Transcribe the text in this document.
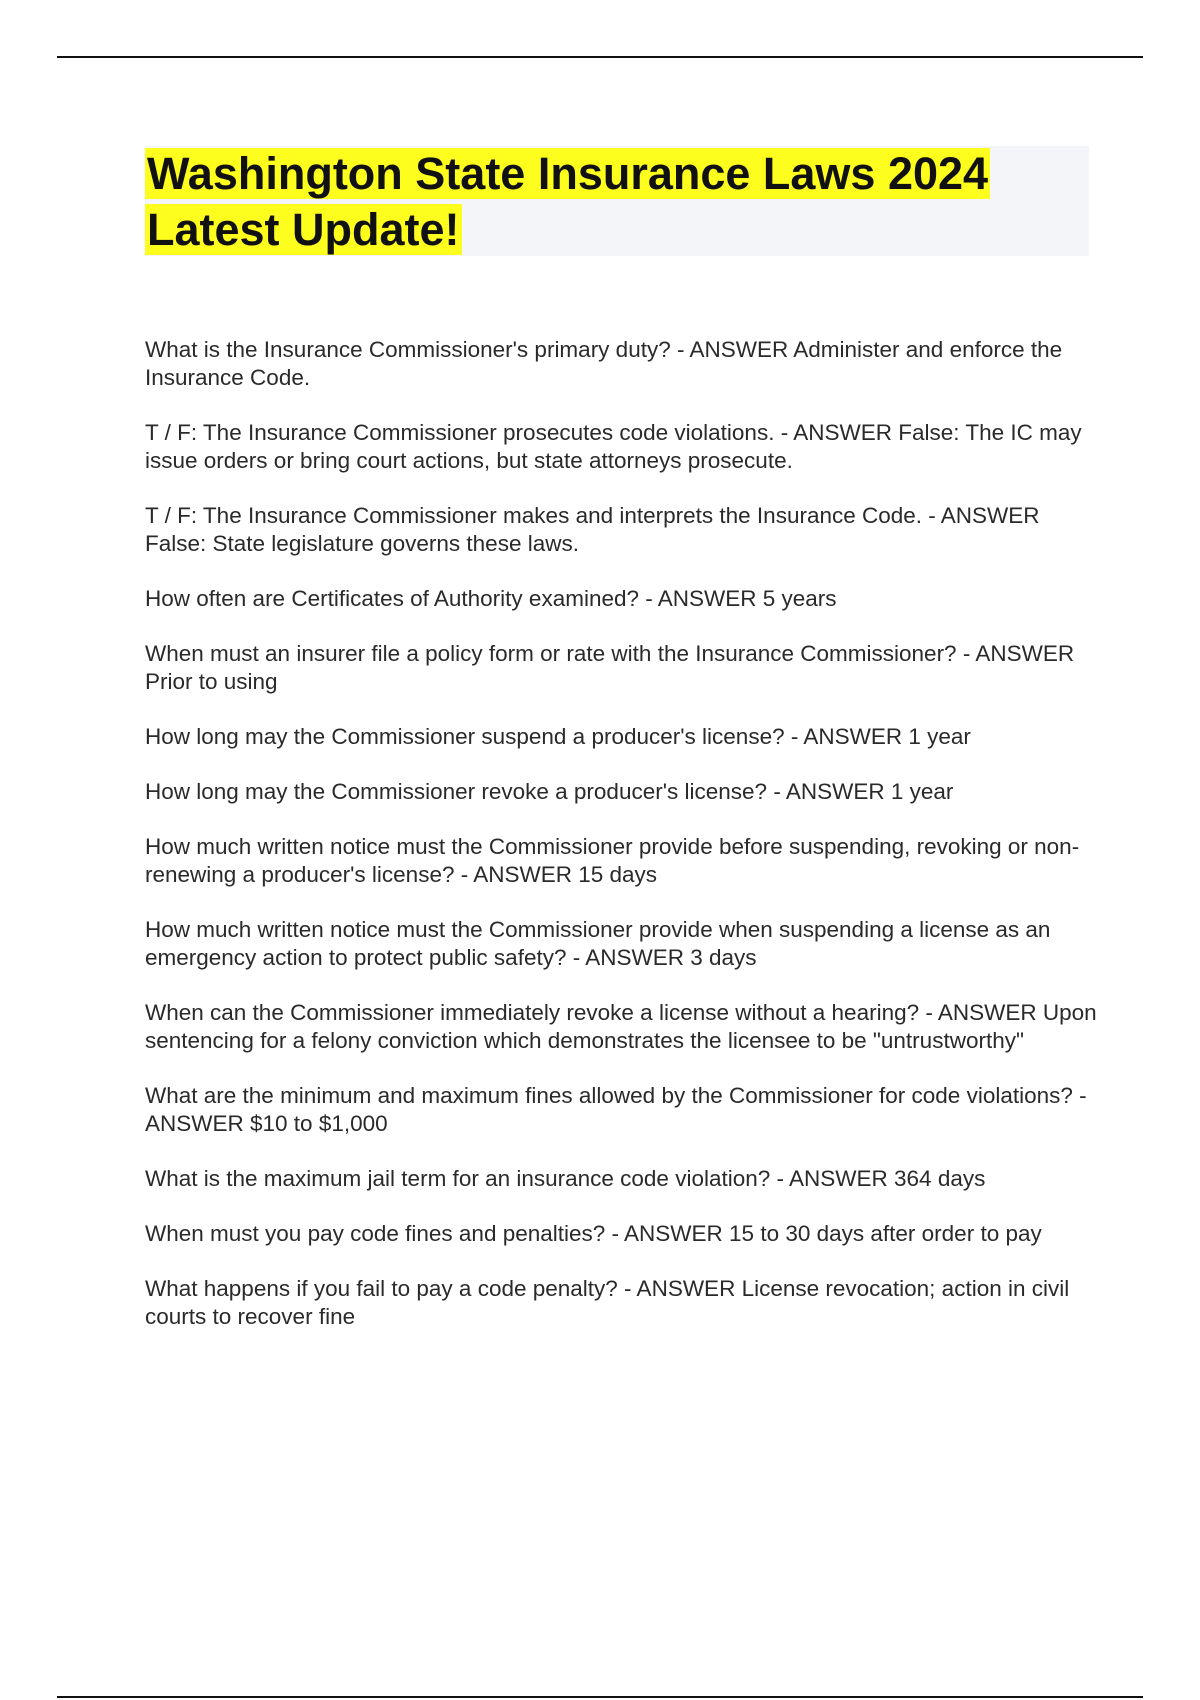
Washington State Insurance Laws 2024 Latest Update!
What is the Insurance Commissioner's primary duty? - ANSWER Administer and enforce the Insurance Code.
T / F: The Insurance Commissioner prosecutes code violations. - ANSWER False: The IC may issue orders or bring court actions, but state attorneys prosecute.
T / F: The Insurance Commissioner makes and interprets the Insurance Code. - ANSWER False: State legislature governs these laws.
How often are Certificates of Authority examined? - ANSWER 5 years
When must an insurer file a policy form or rate with the Insurance Commissioner? - ANSWER Prior to using
How long may the Commissioner suspend a producer's license? - ANSWER 1 year
How long may the Commissioner revoke a producer's license? - ANSWER 1 year
How much written notice must the Commissioner provide before suspending, revoking or non-renewing a producer's license? - ANSWER 15 days
How much written notice must the Commissioner provide when suspending a license as an emergency action to protect public safety? - ANSWER 3 days
When can the Commissioner immediately revoke a license without a hearing? - ANSWER Upon sentencing for a felony conviction which demonstrates the licensee to be "untrustworthy"
What are the minimum and maximum fines allowed by the Commissioner for code violations? - ANSWER $10 to $1,000
What is the maximum jail term for an insurance code violation? - ANSWER 364 days
When must you pay code fines and penalties? - ANSWER 15 to 30 days after order to pay
What happens if you fail to pay a code penalty? - ANSWER License revocation; action in civil courts to recover fine
